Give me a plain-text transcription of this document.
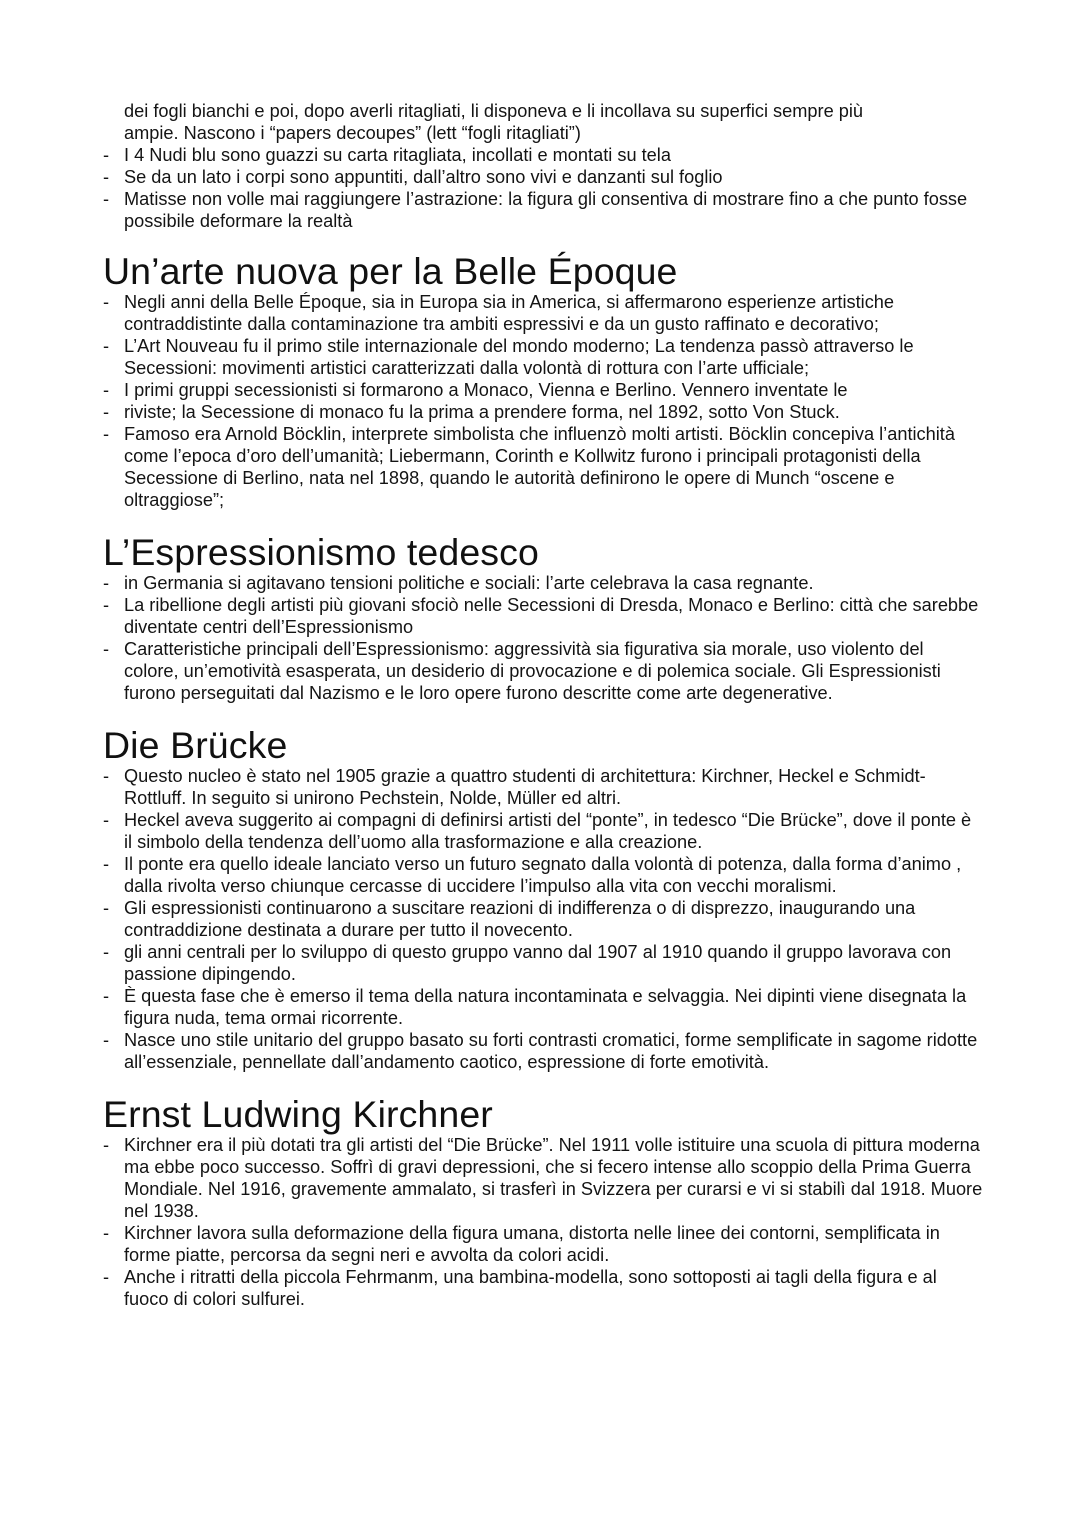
dei fogli bianchi e poi, dopo averli ritagliati, li disponeva e li incollava su superfici sempre più
ampie. Nascono i “papers decoupes” (lett “fogli ritagliati”)
- I 4 Nudi blu sono guazzi su carta ritagliata, incollati e montati su tela
- Se da un lato i corpi sono appuntiti, dall’altro sono vivi e danzanti sul foglio
- Matisse non volle mai raggiungere l’astrazione: la figura gli consentiva di mostrare fino a che punto fosse possibile deformare la realtà
Un’arte nuova per la Belle Époque
- Negli anni della Belle Époque, sia in Europa sia in America, si affermarono esperienze artistiche contraddistinte dalla contaminazione tra ambiti espressivi e da un gusto raffinato e decorativo;
- L’Art Nouveau fu il primo stile internazionale del mondo moderno; La tendenza passò attraverso le Secessioni: movimenti artistici caratterizzati dalla volontà di rottura con l’arte ufficiale;
- I primi gruppi secessionisti si formarono a Monaco, Vienna e Berlino. Vennero inventate le
- riviste; la Secessione di monaco fu la prima a prendere forma, nel 1892, sotto Von Stuck.
- Famoso era Arnold Böcklin, interprete simbolista che influenzò molti artisti. Böcklin concepiva l’antichità come l’epoca d’oro dell’umanità; Liebermann, Corinth e Kollwitz furono i principali protagonisti della Secessione di Berlino, nata nel 1898, quando le autorità definirono le opere di Munch “oscene e oltraggiose”;
L’Espressionismo tedesco
- in Germania si agitavano tensioni politiche e sociali: l’arte celebrava la casa regnante.
- La ribellione degli artisti più giovani sfociò nelle Secessioni di Dresda, Monaco e Berlino: città che sarebbe diventate centri dell’Espressionismo
- Caratteristiche principali dell’Espressionismo: aggressività sia figurativa sia morale, uso violento del colore, un’emotività esasperata, un desiderio di provocazione e di polemica sociale. Gli Espressionisti furono perseguitati dal Nazismo e le loro opere furono descritte come arte degenerative.
Die Brücke
- Questo nucleo è stato nel 1905 grazie a quattro studenti di architettura: Kirchner, Heckel e Schmidt-Rottluff. In seguito si unirono Pechstein, Nolde, Müller ed altri.
- Heckel aveva suggerito ai compagni di definirsi artisti del “ponte”, in tedesco “Die Brücke”, dove il ponte è il simbolo della tendenza dell’uomo alla trasformazione e alla creazione.
- Il ponte era quello ideale lanciato verso un futuro segnato dalla volontà di potenza, dalla forma d’animo , dalla rivolta verso chiunque cercasse di uccidere l’impulso alla vita con vecchi moralismi.
- Gli espressionisti continuarono a suscitare reazioni di indifferenza o di disprezzo, inaugurando una contraddizione destinata a durare per tutto il novecento.
- gli anni centrali per lo sviluppo di questo gruppo vanno dal 1907 al 1910 quando il gruppo lavorava con passione dipingendo.
- È questa fase che è emerso il tema della natura incontaminata e selvaggia. Nei dipinti viene disegnata la figura nuda, tema ormai ricorrente.
- Nasce uno stile unitario del gruppo basato su forti contrasti cromatici, forme semplificate in sagome ridotte all’essenziale, pennellate dall’andamento caotico, espressione di forte emotività.
Ernst Ludwing Kirchner
- Kirchner era il più dotati tra gli artisti del “Die Brücke”. Nel 1911 volle istituire una scuola di pittura moderna ma ebbe poco successo. Soffrì di gravi depressioni, che si fecero intense allo scoppio della Prima Guerra Mondiale. Nel 1916, gravemente ammalato, si trasferì in Svizzera per curarsi e vi si stabilì dal 1918. Muore nel 1938.
- Kirchner lavora sulla deformazione della figura umana, distorta nelle linee dei contorni, semplificata in forme piatte, percorsa da segni neri e avvolta da colori acidi.
- Anche i ritratti della piccola Fehrmanm, una bambina-modella, sono sottoposti ai tagli della figura e al fuoco di colori sulfurei.
